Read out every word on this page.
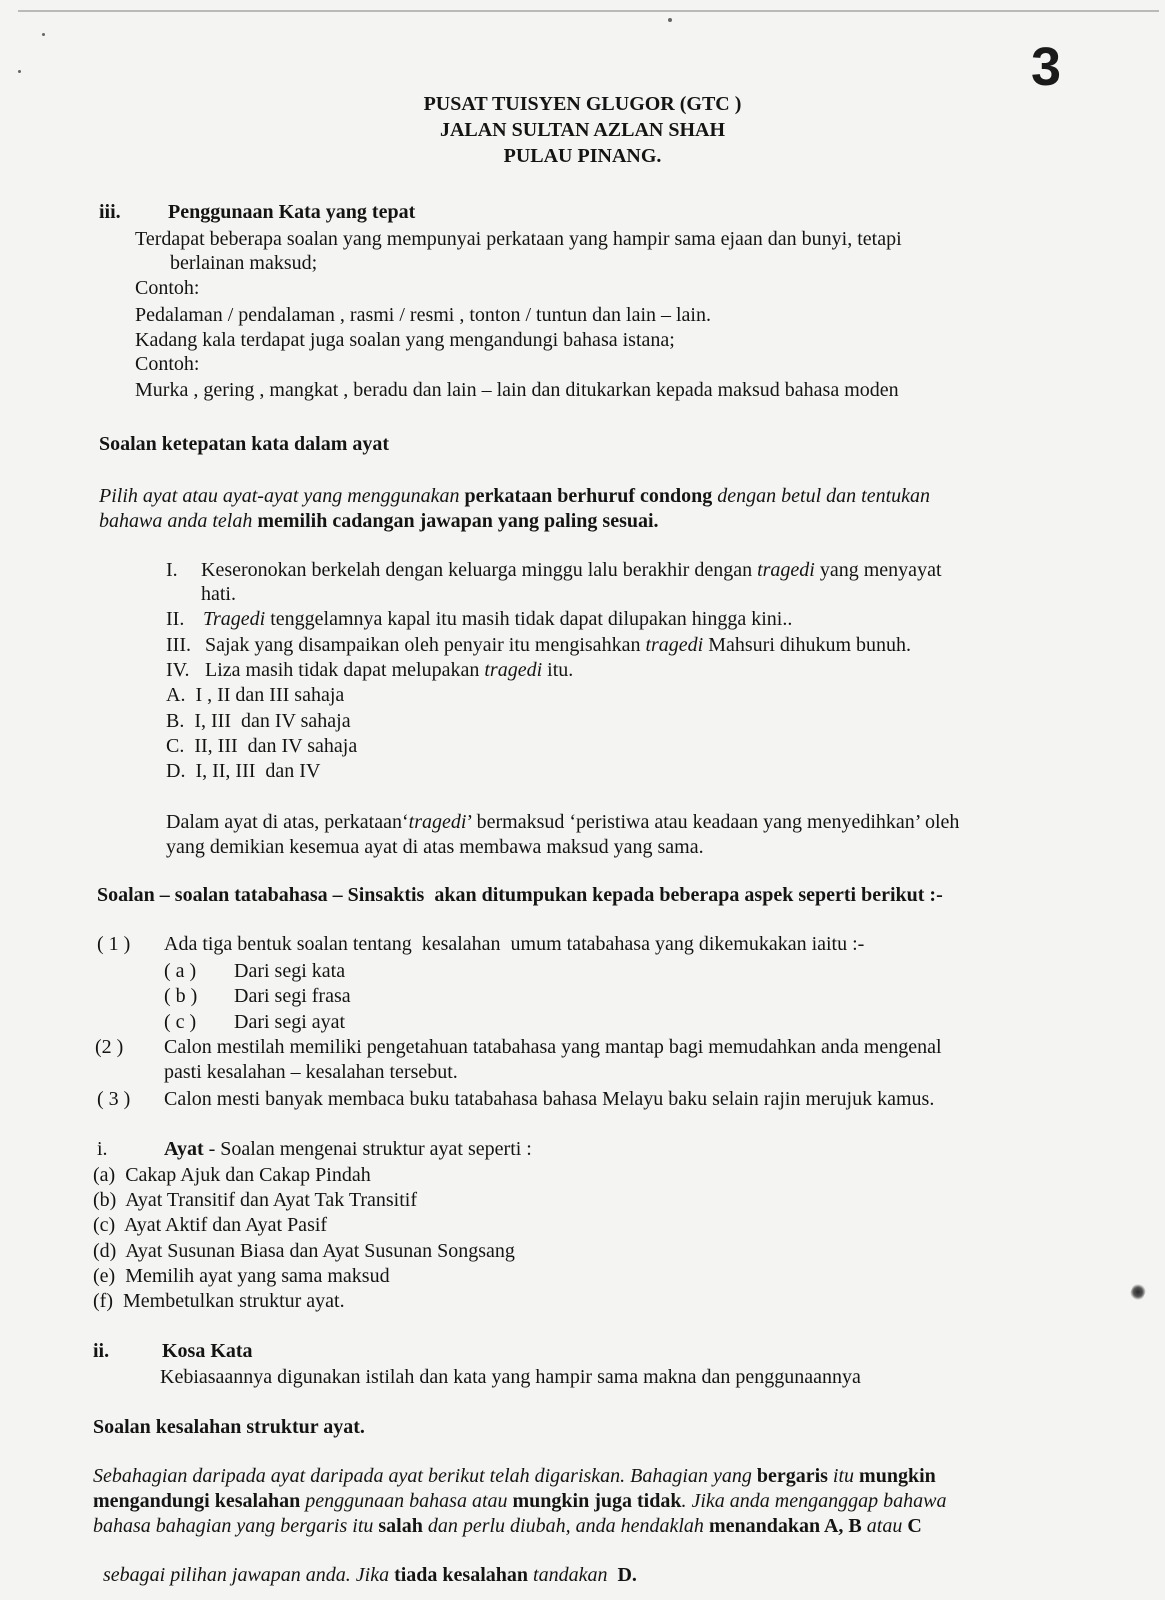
3
PUSAT TUISYEN GLUGOR (GTC )
JALAN SULTAN AZLAN SHAH
PULAU PINANG.
iii. Penggunaan Kata yang tepat
Terdapat beberapa soalan yang mempunyai perkataan yang hampir sama ejaan dan bunyi, tetapi
berlainan maksud;
Contoh:
Pedalaman / pendalaman , rasmi / resmi , tonton / tuntun dan lain – lain.
Kadang kala terdapat juga soalan yang mengandungi bahasa istana;
Contoh:
Murka , gering , mangkat , beradu dan lain – lain dan ditukarkan kepada maksud bahasa moden
Soalan ketepatan kata dalam ayat
Pilih ayat atau ayat-ayat yang menggunakan perkataan berhuruf condong dengan betul dan tentukan
bahawa anda telah memilih cadangan jawapan yang paling sesuai.
I. Keseronokan berkelah dengan keluarga minggu lalu berakhir dengan tragedi yang menyayat
hati.
II. Tragedi tenggelamnya kapal itu masih tidak dapat dilupakan hingga kini..
III. Sajak yang disampaikan oleh penyair itu mengisahkan tragedi Mahsuri dihukum bunuh.
IV. Liza masih tidak dapat melupakan tragedi itu.
A.  I , II dan III sahaja
B.  I, III  dan IV sahaja
C.  II, III  dan IV sahaja
D.  I, II, III  dan IV
Dalam ayat di atas, perkataan‘tragedi’ bermaksud ‘peristiwa atau keadaan yang menyedihkan’ oleh
yang demikian kesemua ayat di atas membawa maksud yang sama.
Soalan – soalan tatabahasa – Sinsaktis  akan ditumpukan kepada beberapa aspek seperti berikut :-
( 1 ) Ada tiga bentuk soalan tentang  kesalahan  umum tatabahasa yang dikemukakan iaitu :-
( a ) Dari segi kata
( b ) Dari segi frasa
( c ) Dari segi ayat
(2 ) Calon mestilah memiliki pengetahuan tatabahasa yang mantap bagi memudahkan anda mengenal
pasti kesalahan – kesalahan tersebut.
( 3 ) Calon mesti banyak membaca buku tatabahasa bahasa Melayu baku selain rajin merujuk kamus.
i.	Ayat - Soalan mengenai struktur ayat seperti :
(a)  Cakap Ajuk dan Cakap Pindah
(b)  Ayat Transitif dan Ayat Tak Transitif
(c)  Ayat Aktif dan Ayat Pasif
(d)  Ayat Susunan Biasa dan Ayat Susunan Songsang
(e)  Memilih ayat yang sama maksud
(f)  Membetulkan struktur ayat.
ii.	Kosa Kata
Kebiasaannya digunakan istilah dan kata yang hampir sama makna dan penggunaannya
Soalan kesalahan struktur ayat.
Sebahagian daripada ayat daripada ayat berikut telah digariskan. Bahagian yang bergaris itu mungkin
mengandungi kesalahan penggunaan bahasa atau mungkin juga tidak. Jika anda menganggap bahawa
bahasa bahagian yang bergaris itu salah dan perlu diubah, anda hendaklah menandakan A, B atau C

sebagai pilihan jawapan anda. Jika tiada kesalahan tandakan  D.
